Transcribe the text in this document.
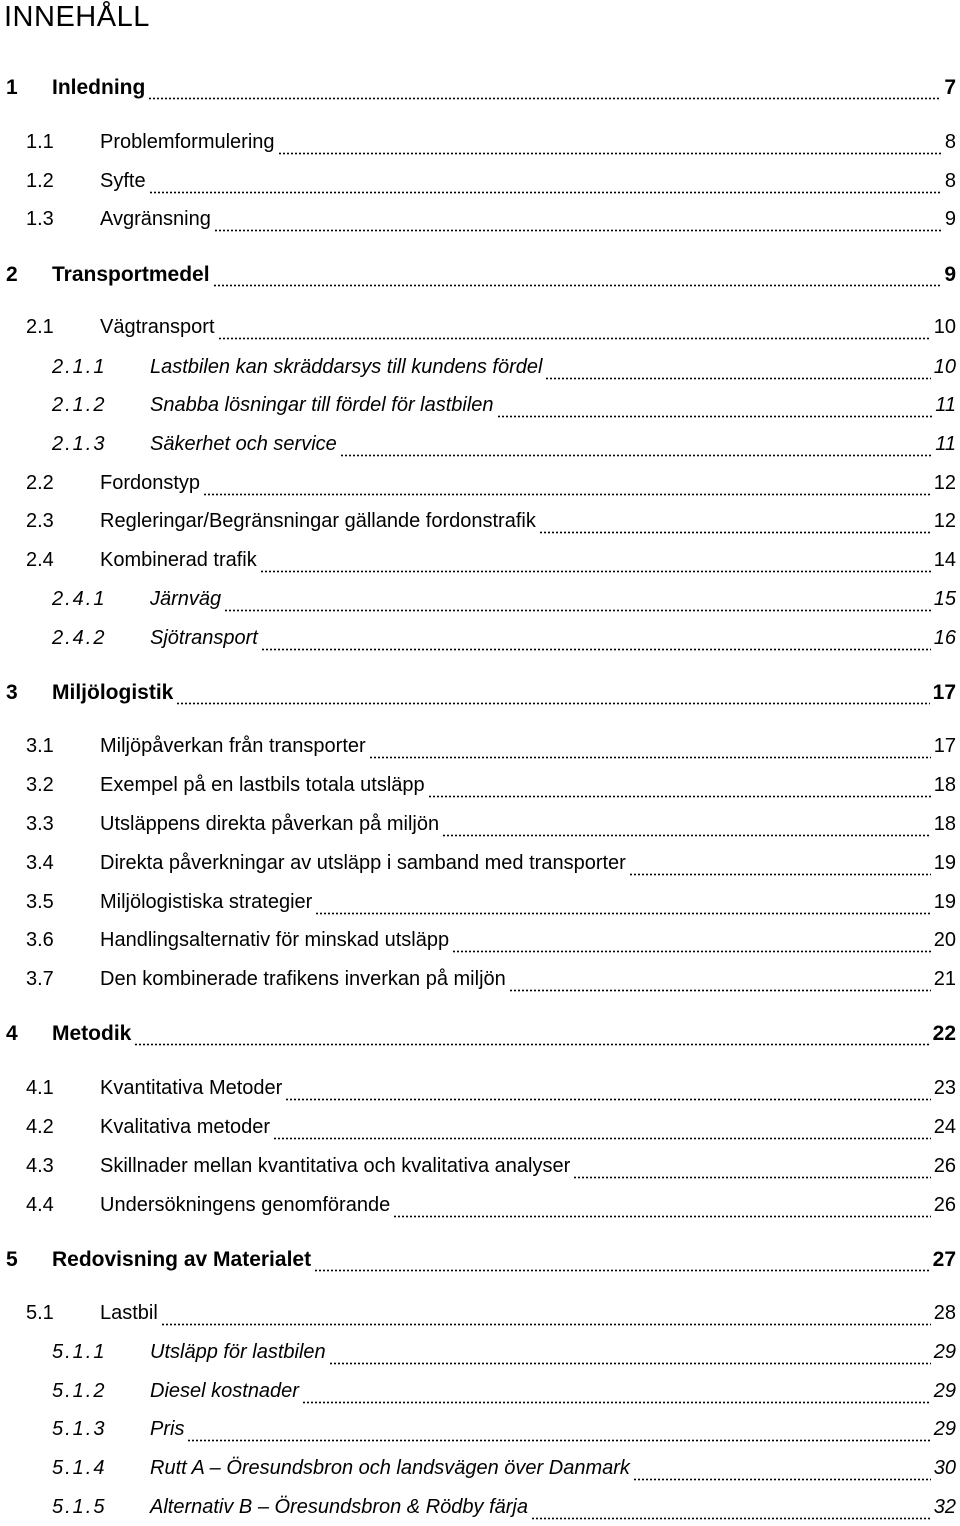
INNEHÅLL
1 Inledning	7
1.1 Problemformulering	8
1.2 Syfte	8
1.3 Avgränsning	9
2 Transportmedel	9
2.1 Vägtransport	10
2.1.1 Lastbilen kan skräddarsys till kundens fördel	10
2.1.2 Snabba lösningar till fördel för lastbilen	11
2.1.3 Säkerhet och service	11
2.2 Fordonstyp	12
2.3 Regleringar/Begränsningar gällande fordonstrafik	12
2.4 Kombinerad trafik	14
2.4.1 Järnväg	15
2.4.2 Sjötransport	16
3 Miljölogistik	17
3.1 Miljöpåverkan från transporter	17
3.2 Exempel på en lastbils totala utsläpp	18
3.3 Utsläppens direkta påverkan på miljön	18
3.4 Direkta påverkningar av utsläpp i samband med transporter	19
3.5 Miljölogistiska strategier	19
3.6 Handlingsalternativ för minskad utsläpp	20
3.7 Den kombinerade trafikens inverkan på miljön	21
4 Metodik	22
4.1 Kvantitativa Metoder	23
4.2 Kvalitativa metoder	24
4.3 Skillnader mellan kvantitativa och kvalitativa analyser	26
4.4 Undersökningens genomförande	26
5 Redovisning av Materialet	27
5.1 Lastbil	28
5.1.1 Utsläpp för lastbilen	29
5.1.2 Diesel kostnader	29
5.1.3 Pris	29
5.1.4 Rutt A – Öresundsbron och landsvägen över Danmark	30
5.1.5 Alternativ B – Öresundsbron & Rödby färja	32
